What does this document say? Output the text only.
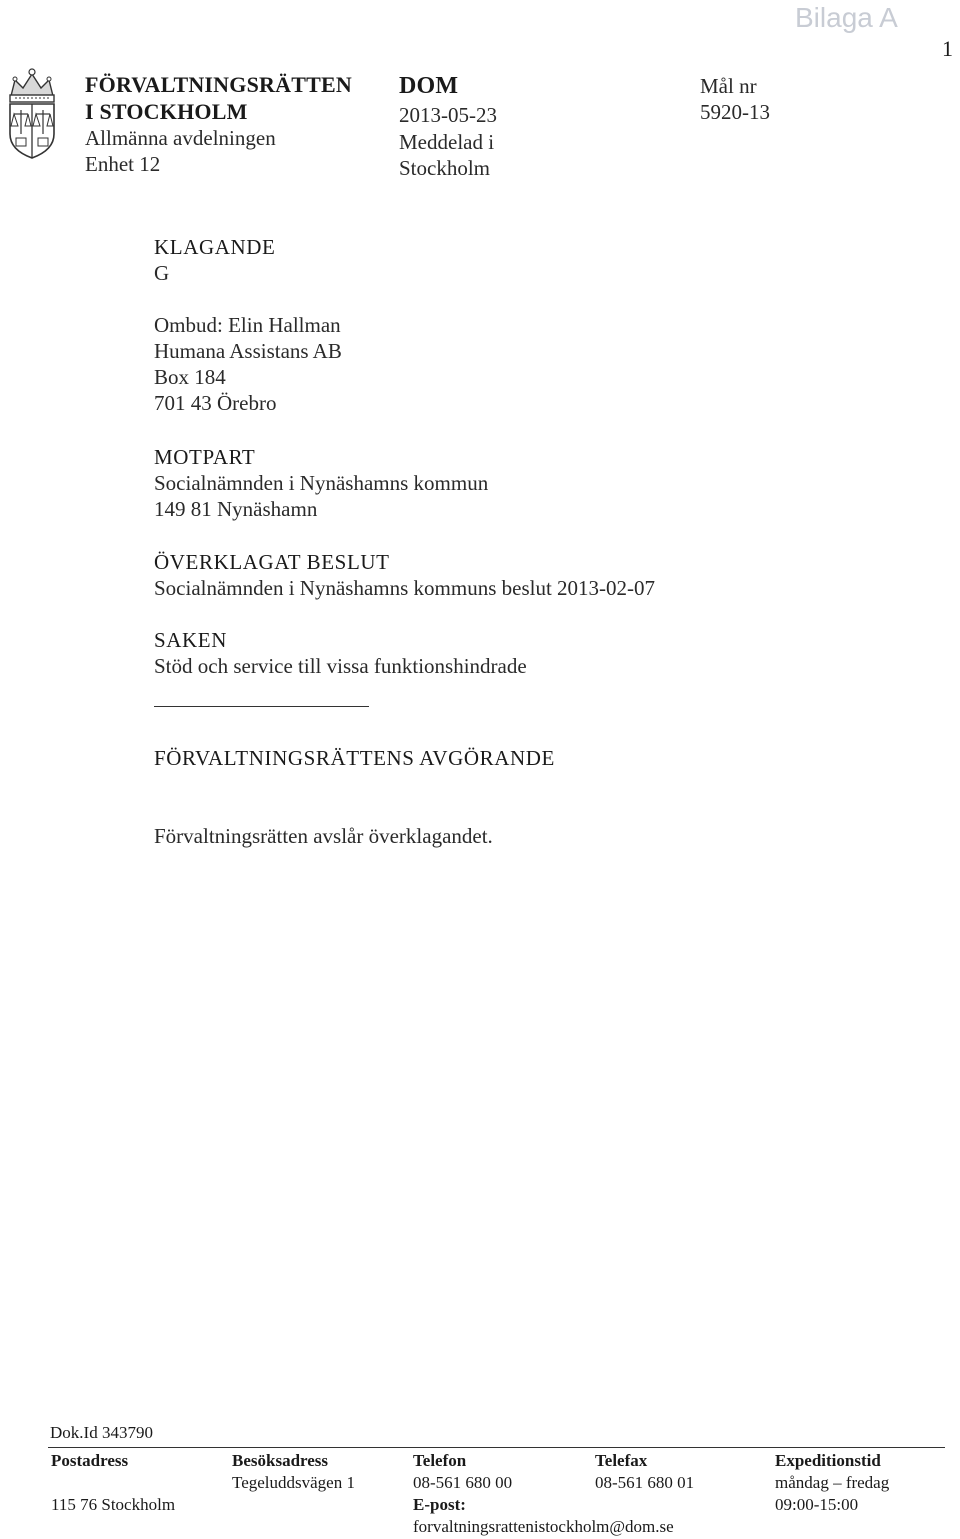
Bilaga A
1
FÖRVALTNINGSRÄTTEN
I STOCKHOLM
Allmänna avdelningen
Enhet 12
DOM
2013-05-23
Meddelad i
Stockholm
Mål nr
5920-13
KLAGANDE
G
Ombud: Elin Hallman
Humana Assistans AB
Box 184
701 43 Örebro
MOTPART
Socialnämnden i Nynäshamns kommun
149 81 Nynäshamn
ÖVERKLAGAT BESLUT
Socialnämnden i Nynäshamns kommuns beslut 2013-02-07
SAKEN
Stöd och service till vissa funktionshindrade
FÖRVALTNINGSRÄTTENS AVGÖRANDE
Förvaltningsrätten avslår överklagandet.
Dok.Id 343790
Postadress
115 76 Stockholm
Besöksadress
Tegeluddsvägen 1
Telefon
08-561 680 00
E-post:
forvaltningsrattenistockholm@dom.se
Telefax
08-561 680 01
Expeditionstid
måndag – fredag
09:00-15:00
